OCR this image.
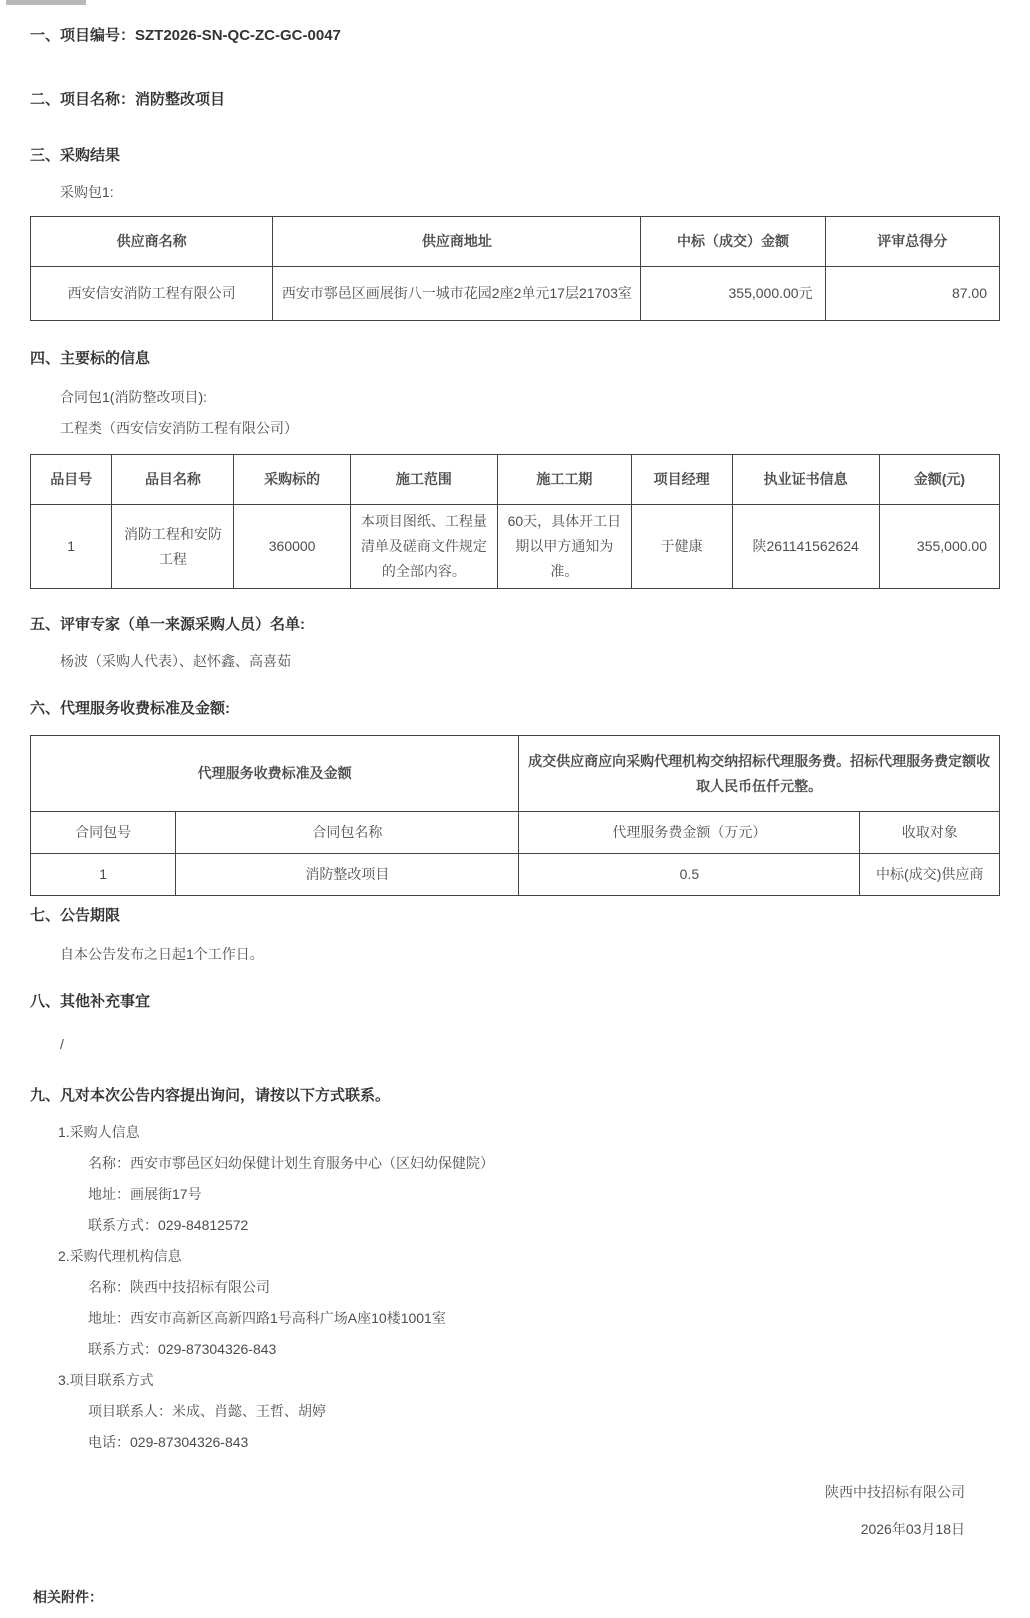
一、项目编号：SZT2026-SN-QC-ZC-GC-0047
二、项目名称：消防整改项目
三、采购结果
采购包1:
供应商名称	供应商地址	中标（成交）金额	评审总得分
西安信安消防工程有限公司	西安市鄠邑区画展街八一城市花园2座2单元17层21703室	355,000.00元	87.00
四、主要标的信息
合同包1(消防整改项目):
工程类（西安信安消防工程有限公司）
品目号	品目名称	采购标的	施工范围	施工工期	项目经理	执业证书信息	金额(元)
1	消防工程和安防工程	360000	本项目图纸、工程量清单及磋商文件规定的全部内容。	60天，具体开工日期以甲方通知为准。	于健康	陕261141562624	355,000.00
五、评审专家（单一来源采购人员）名单:
杨波（采购人代表）、赵怀鑫、高喜茹
六、代理服务收费标准及金额:
代理服务收费标准及金额		成交供应商应向采购代理机构交纳招标代理服务费。招标代理服务费定额收取人民币伍仟元整。	
合同包号	合同包名称	代理服务费金额（万元）	收取对象
1	消防整改项目	0.5	中标(成交)供应商
七、公告期限
自本公告发布之日起1个工作日。
八、其他补充事宜
/
九、凡对本次公告内容提出询问，请按以下方式联系。
1.采购人信息
名称：西安市鄠邑区妇幼保健计划生育服务中心（区妇幼保健院）
地址：画展街17号
联系方式：029-84812572
2.采购代理机构信息
名称：陕西中技招标有限公司
地址：西安市高新区高新四路1号高科广场A座10楼1001室
联系方式：029-87304326-843
3.项目联系方式
项目联系人：米成、肖懿、王哲、胡婷
电话：029-87304326-843
陕西中技招标有限公司
2026年03月18日
相关附件：
